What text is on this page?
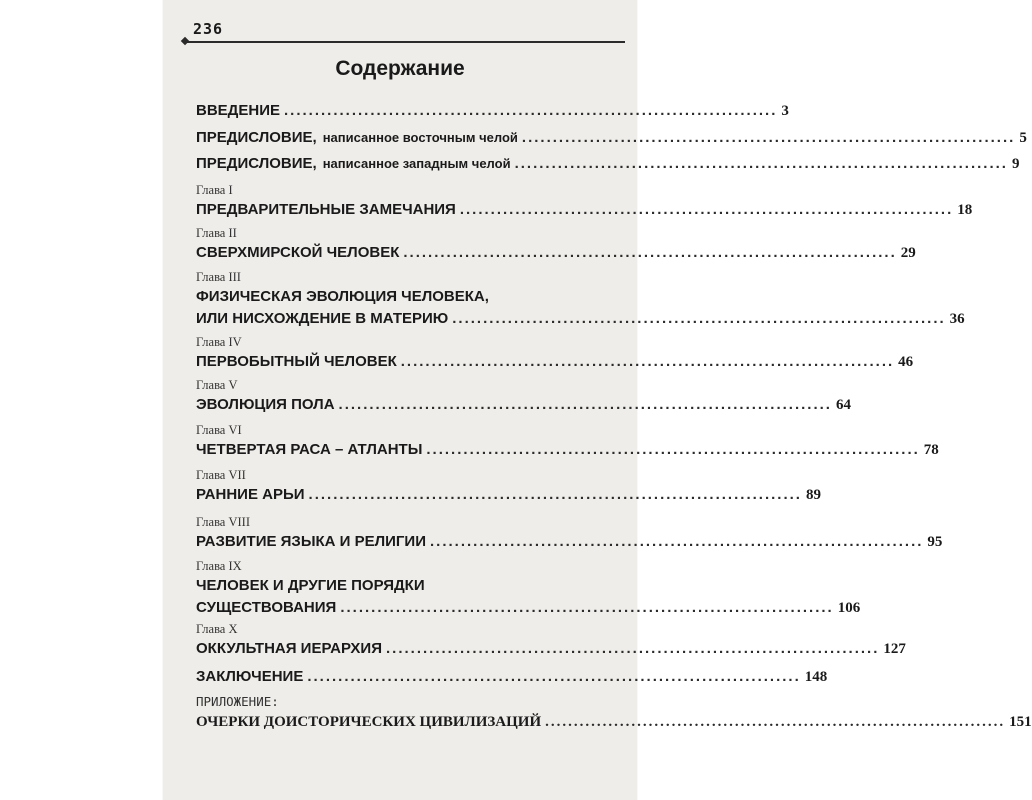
236
Содержание
ВВЕДЕНИЕ ................................................................................ 3
ПРЕДИСЛОВИЕ, написанное восточным челой ................................................................................ 5
ПРЕДИСЛОВИЕ, написанное западным челой ................................................................................ 9
Глава I
ПРЕДВАРИТЕЛЬНЫЕ ЗАМЕЧАНИЯ ................................................................................ 18
Глава II
СВЕРХМИРСКОЙ ЧЕЛОВЕК ................................................................................ 29
Глава III
ФИЗИЧЕСКАЯ ЭВОЛЮЦИЯ ЧЕЛОВЕКА,
ИЛИ НИСХОЖДЕНИЕ В МАТЕРИЮ ................................................................................ 36
Глава IV
ПЕРВОБЫТНЫЙ ЧЕЛОВЕК ................................................................................ 46
Глава V
ЭВОЛЮЦИЯ ПОЛА ................................................................................ 64
Глава VI
ЧЕТВЕРТАЯ РАСА – АТЛАНТЫ ................................................................................ 78
Глава VII
РАННИЕ АРЬИ ................................................................................ 89
Глава VIII
РАЗВИТИЕ ЯЗЫКА И РЕЛИГИИ ................................................................................ 95
Глава IX
ЧЕЛОВЕК И ДРУГИЕ ПОРЯДКИ
СУЩЕСТВОВАНИЯ ................................................................................ 106
Глава X
ОККУЛЬТНАЯ ИЕРАРХИЯ ................................................................................ 127
ЗАКЛЮЧЕНИЕ ................................................................................ 148
ПРИЛОЖЕНИЕ:
ОЧЕРКИ ДОИСТОРИЧЕСКИХ ЦИВИЛИЗАЦИЙ ................................................................................ 151
